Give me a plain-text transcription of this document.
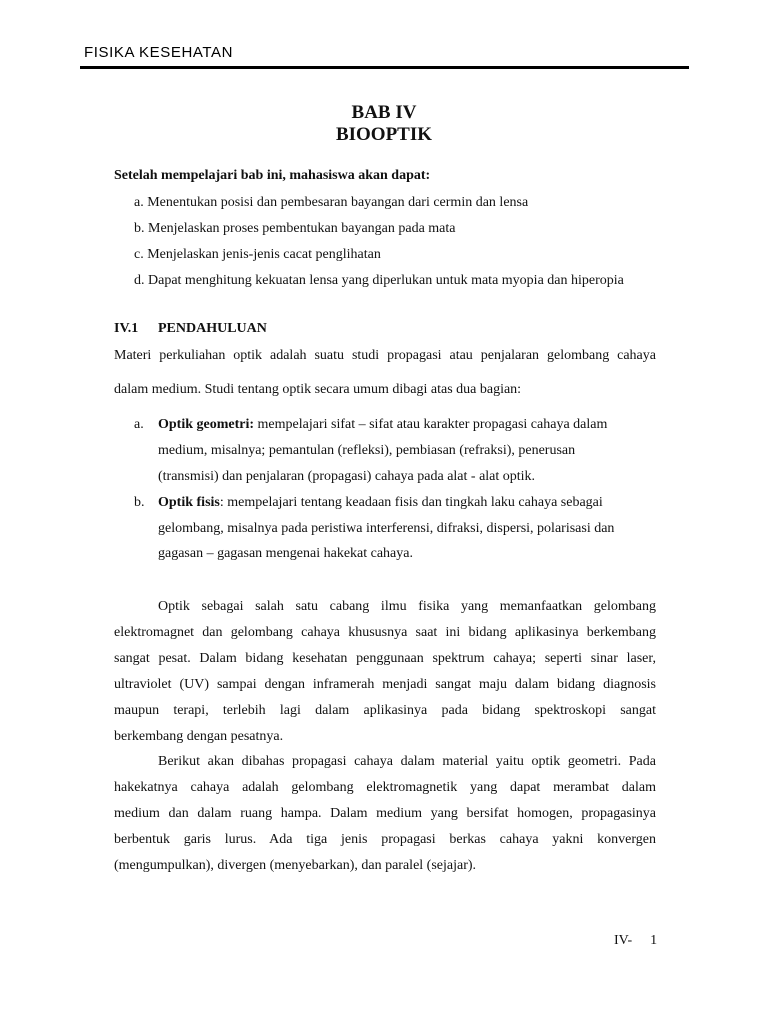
FISIKA KESEHATAN
BAB IV
BIOOPTIK
Setelah mempelajari bab ini, mahasiswa akan dapat:
a. Menentukan posisi dan pembesaran bayangan dari cermin dan lensa
b. Menjelaskan proses pembentukan bayangan pada mata
c. Menjelaskan jenis-jenis cacat penglihatan
d. Dapat menghitung kekuatan lensa yang diperlukan untuk mata myopia dan hiperopia
IV.1 PENDAHULUAN
Materi perkuliahan optik adalah suatu studi propagasi atau penjalaran gelombang cahaya
dalam medium. Studi tentang optik secara umum dibagi atas dua bagian:
a. Optik geometri: mempelajari sifat – sifat atau karakter propagasi cahaya dalam
medium, misalnya; pemantulan (refleksi), pembiasan (refraksi), penerusan
(transmisi) dan penjalaran (propagasi) cahaya pada alat - alat optik.
b. Optik fisis: mempelajari tentang keadaan fisis dan tingkah laku cahaya sebagai
gelombang, misalnya pada peristiwa interferensi, difraksi, dispersi, polarisasi dan
gagasan – gagasan mengenai hakekat cahaya.
Optik sebagai salah satu cabang ilmu fisika yang memanfaatkan gelombang
elektromagnet dan gelombang cahaya khususnya saat ini bidang aplikasinya berkembang
sangat pesat. Dalam bidang kesehatan penggunaan spektrum cahaya; seperti sinar laser,
ultraviolet (UV) sampai dengan inframerah menjadi sangat maju dalam bidang diagnosis
maupun terapi, terlebih lagi dalam aplikasinya pada bidang spektroskopi sangat
berkembang dengan pesatnya.
Berikut akan dibahas propagasi cahaya dalam material yaitu optik geometri. Pada
hakekatnya cahaya adalah gelombang elektromagnetik yang dapat merambat dalam
medium dan dalam ruang hampa. Dalam medium yang bersifat homogen, propagasinya
berbentuk garis lurus. Ada tiga jenis propagasi berkas cahaya yakni konvergen
(mengumpulkan), divergen (menyebarkan), dan paralel (sejajar).
IV- 1
